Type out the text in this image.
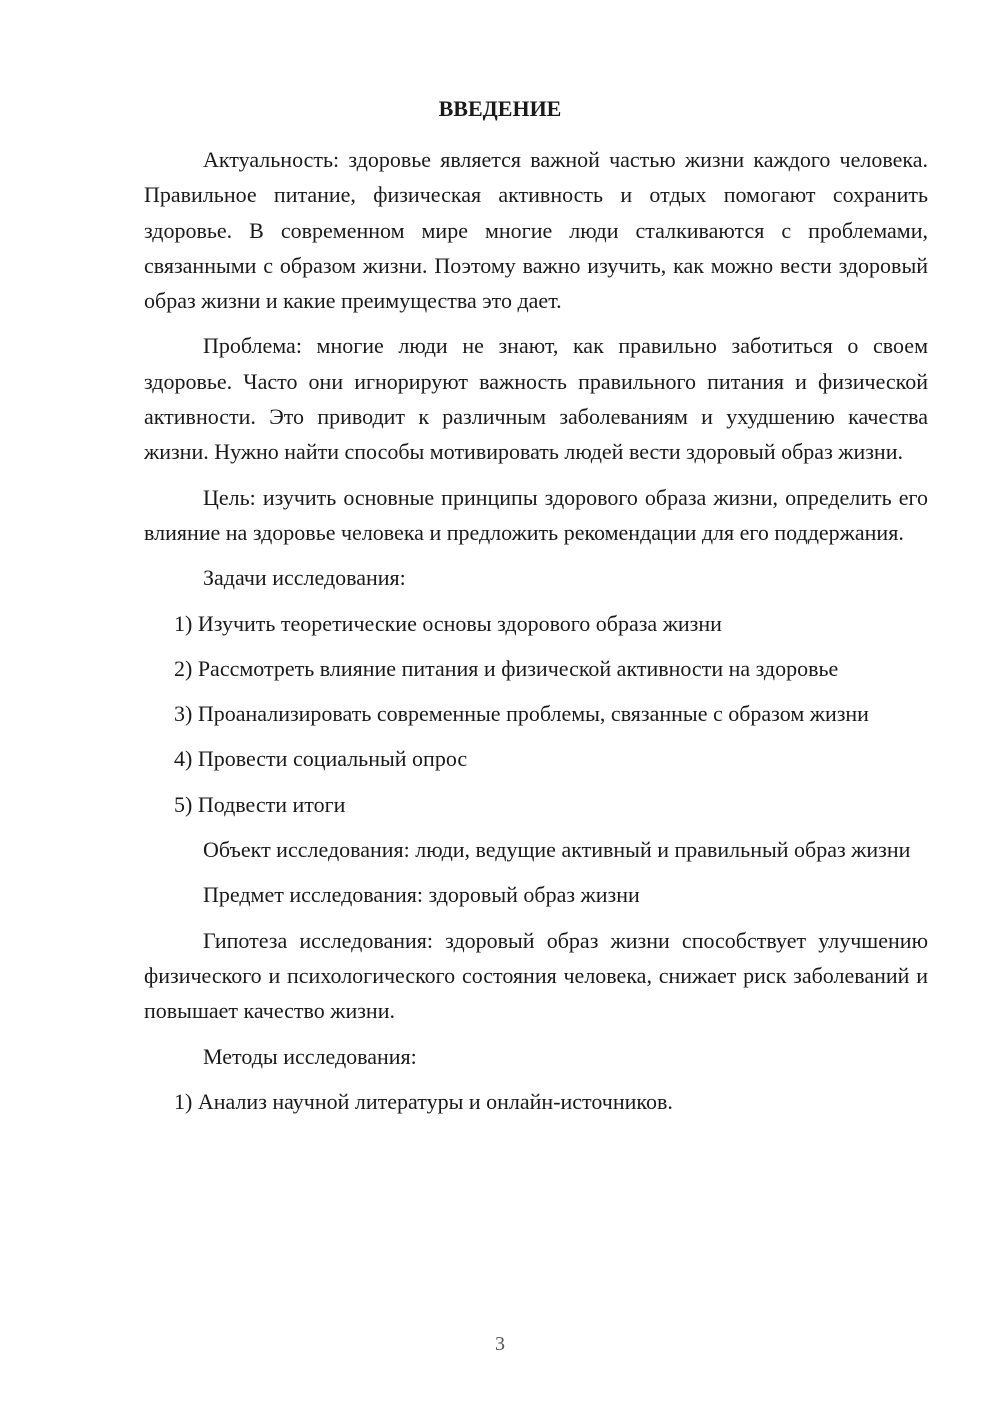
ВВЕДЕНИЕ

Актуальность: здоровье является важной частью жизни каждого человека. Правильное питание, физическая активность и отдых помогают сохранить здоровье. В современном мире многие люди сталкиваются с проблемами, связанными с образом жизни. Поэтому важно изучить, как можно вести здоровый образ жизни и какие преимущества это дает.

Проблема: многие люди не знают, как правильно заботиться о своем здоровье. Часто они игнорируют важность правильного питания и физической активности. Это приводит к различным заболеваниям и ухудшению качества жизни. Нужно найти способы мотивировать людей вести здоровый образ жизни.

Цель: изучить основные принципы здорового образа жизни, определить его влияние на здоровье человека и предложить рекомендации для его поддержания.

Задачи исследования:

1) Изучить теоретические основы здорового образа жизни

2) Рассмотреть влияние питания и физической активности на здоровье

3) Проанализировать современные проблемы, связанные с образом жизни

4) Провести социальный опрос

5) Подвести итоги

Объект исследования: люди, ведущие активный и правильный образ жизни

Предмет исследования: здоровый образ жизни

Гипотеза исследования: здоровый образ жизни способствует улучшению физического и психологического состояния человека, снижает риск заболеваний и повышает качество жизни.

Методы исследования:

1) Анализ научной литературы и онлайн-источников.

3
